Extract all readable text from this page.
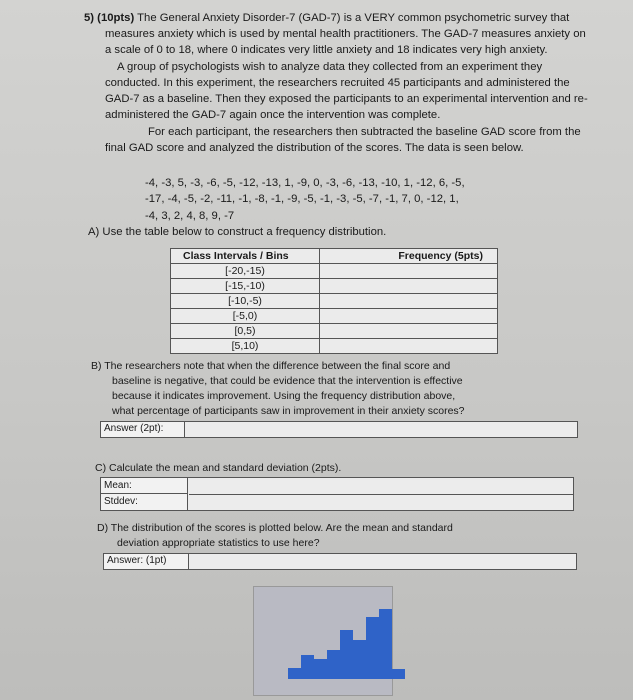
5) (10pts) The General Anxiety Disorder-7 (GAD-7) is a VERY common psychometric survey that
measures anxiety which is used by mental health practitioners. The GAD-7 measures anxiety on
a scale of 0 to 18, where 0 indicates very little anxiety and 18 indicates very high anxiety.
A group of psychologists wish to analyze data they collected from an experiment they
conducted. In this experiment, the researchers recruited 45 participants and administered the
GAD-7 as a baseline. Then they exposed the participants to an experimental intervention and re-
administered the GAD-7 again once the intervention was complete.
For each participant, the researchers then subtracted the baseline GAD score from the
final GAD score and analyzed the distribution of the scores. The data is seen below.
-4, -3, 5, -3, -6, -5, -12, -13, 1, -9, 0, -3, -6, -13, -10, 1, -12, 6, -5,
-17, -4, -5, -2, -11, -1, -8, -1, -9, -5, -1, -3, -5, -7, -1, 7, 0, -12, 1,
-4, 3, 2, 4, 8, 9, -7
A) Use the table below to construct a frequency distribution.
Class Intervals / Bins	Frequency (5pts)
[-20,-15)	
[-15,-10)	
[-10,-5)	
[-5,0)	
[0,5)	
[5,10)	
B) The researchers note that when the difference between the final score and
baseline is negative, that could be evidence that the intervention is effective
because it indicates improvement. Using the frequency distribution above,
what percentage of participants saw in improvement in their anxiety scores?
Answer (2pt):
C) Calculate the mean and standard deviation (2pts).
Mean:
Stddev:
D) The distribution of the scores is plotted below. Are the mean and standard
deviation appropriate statistics to use here?
Answer: (1pt)
